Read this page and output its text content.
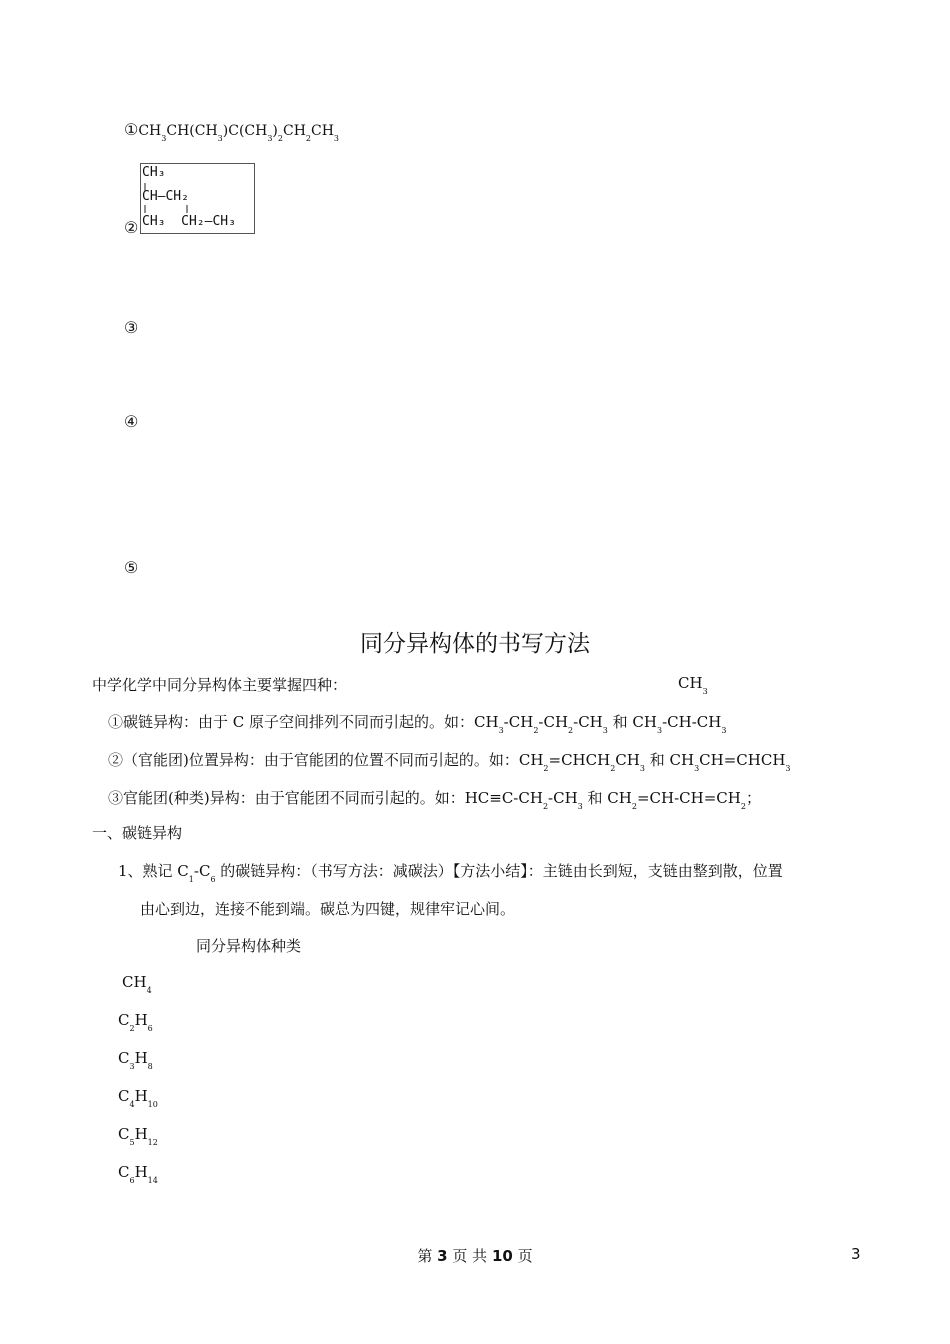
$①CH_3CH(CH_3)C(CH_3)_2CH_2CH_3$
②
CH₃
CH—CH₂
CH₃  CH₂—CH₃
③
④
⑤
同分异构体的书写方法
中学化学中同分异构体主要掌握四种：	$CH_3$
①碳链异构：由于 C 原子空间排列不同而引起的。如：$CH_3-CH_2-CH_2-CH_3$ 和 $CH_3-CH-CH_3$
②（官能团)位置异构：由于官能团的位置不同而引起的。如：$CH_2=CHCH_2CH_3$ 和 $CH_3CH=CHCH_3$
③官能团(种类)异构：由于官能团不同而引起的。如：$HC\equiv C-CH_2-CH_3$ 和 $CH_2=CH-CH=CH_2$；
一、碳链异构
1、熟记 $C_1-C_6$ 的碳链异构：（书写方法：减碳法）【方法小结】：主链由长到短，支链由整到散，位置
由心到边，连接不能到端。碳总为四键，规律牢记心间。
同分异构体种类
$CH_4$
$C_2H_6$
$C_3H_8$
$C_4H_{10}$
$C_5H_{12}$
$C_6H_{14}$
第 3 页 共 10 页	3
